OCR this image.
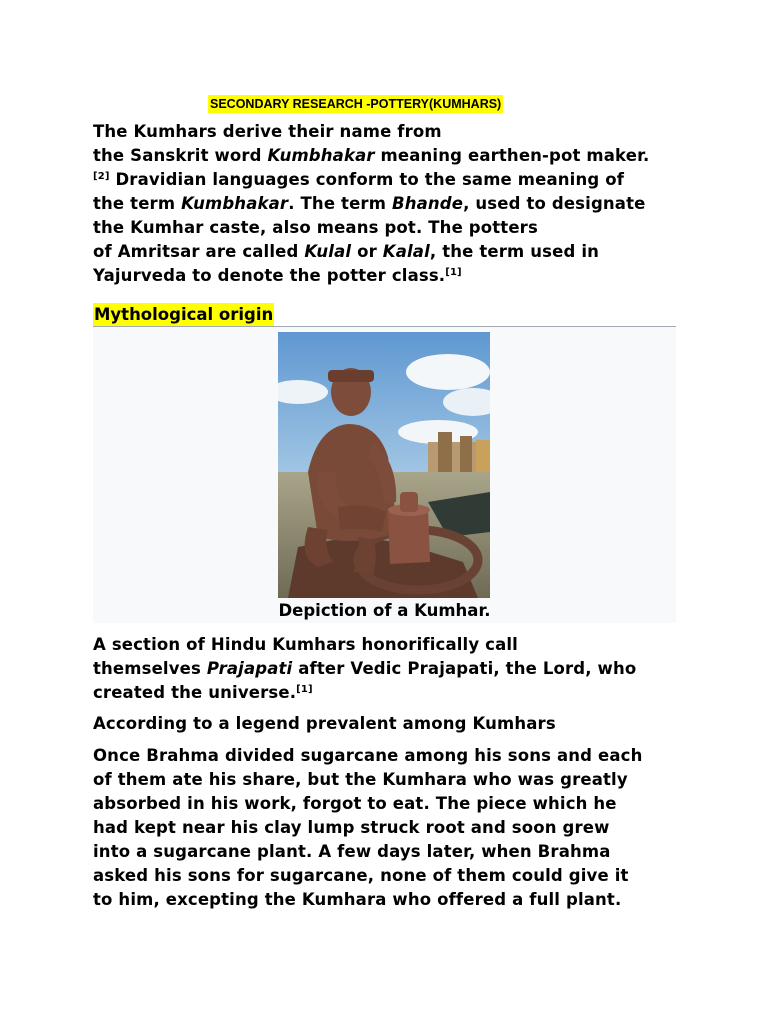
SECONDARY RESEARCH -POTTERY(KUMHARS)
The Kumhars derive their name from
the Sanskrit word Kumbhakar meaning earthen-pot maker.
[2] Dravidian languages conform to the same meaning of
the term Kumbhakar. The term Bhande, used to designate
the Kumhar caste, also means pot. The potters
of Amritsar are called Kulal or Kalal, the term used in
Yajurveda to denote the potter class.[1]
Mythological origin
Depiction of a Kumhar.
A section of Hindu Kumhars honorifically call
themselves Prajapati after Vedic Prajapati, the Lord, who
created the universe.[1]
According to a legend prevalent among Kumhars
Once Brahma divided sugarcane among his sons and each
of them ate his share, but the Kumhara who was greatly
absorbed in his work, forgot to eat. The piece which he
had kept near his clay lump struck root and soon grew
into a sugarcane plant. A few days later, when Brahma
asked his sons for sugarcane, none of them could give it
to him, excepting the Kumhara who offered a full plant.
